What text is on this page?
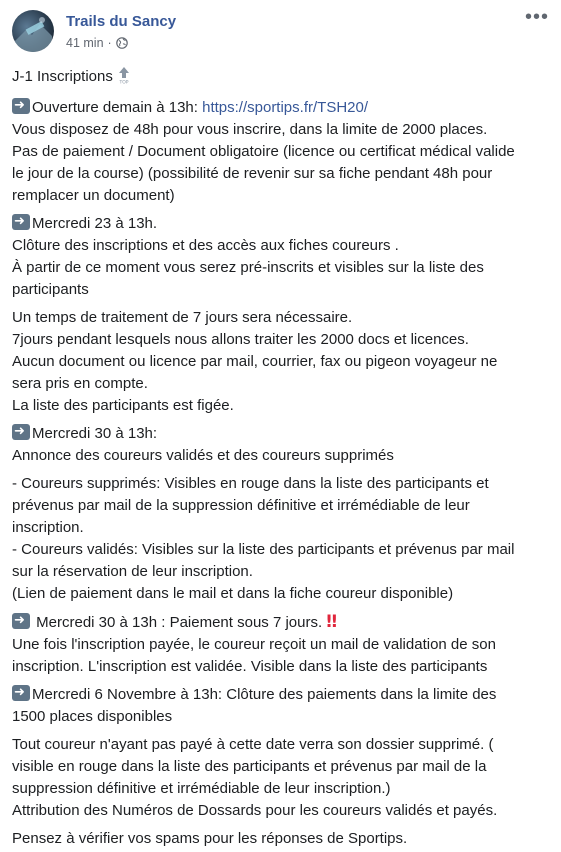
Trails du Sancy
41 min ·
•••

J-1 Inscriptions TOP

➜Ouverture demain à 13h: https://sportips.fr/TSH20/

Vous disposez de 48h pour vous inscrire, dans la limite de 2000 places.

Pas de paiement / Document obligatoire (licence ou certificat médical valide

le jour de la course) (possibilité de revenir sur sa fiche pendant 48h pour

remplacer un document)

➜Mercredi 23 à 13h.

Clôture des inscriptions et des accès aux fiches coureurs .

À partir de ce moment vous serez pré-inscrits et visibles sur la liste des

participants

Un temps de traitement de 7 jours sera nécessaire.

7jours pendant lesquels nous allons traiter les 2000 docs et licences.

Aucun document ou licence par mail, courrier, fax ou pigeon voyageur ne

sera pris en compte.

La liste des participants est figée.

➜Mercredi 30 à 13h:

Annonce des coureurs validés et des coureurs supprimés

- Coureurs supprimés: Visibles en rouge dans la liste des participants et

prévenus par mail de la suppression définitive et irrémédiable de leur

inscription.

- Coureurs validés: Visibles sur la liste des participants et prévenus par mail

sur la réservation de leur inscription.

(Lien de paiement dans le mail et dans la fiche coureur disponible)

➜ Mercredi 30 à 13h : Paiement sous 7 jours. ‼

Une fois l'inscription payée, le coureur reçoit un mail de validation de son

inscription. L'inscription est validée. Visible dans la liste des participants

➜Mercredi 6 Novembre à 13h: Clôture des paiements dans la limite des

1500 places disponibles

Tout coureur n'ayant pas payé à cette date verra son dossier supprimé. (

visible en rouge dans la liste des participants et prévenus par mail de la

suppression définitive et irrémédiable de leur inscription.)

Attribution des Numéros de Dossards pour les coureurs validés et payés.

Pensez à vérifier vos spams pour les réponses de Sportips.
